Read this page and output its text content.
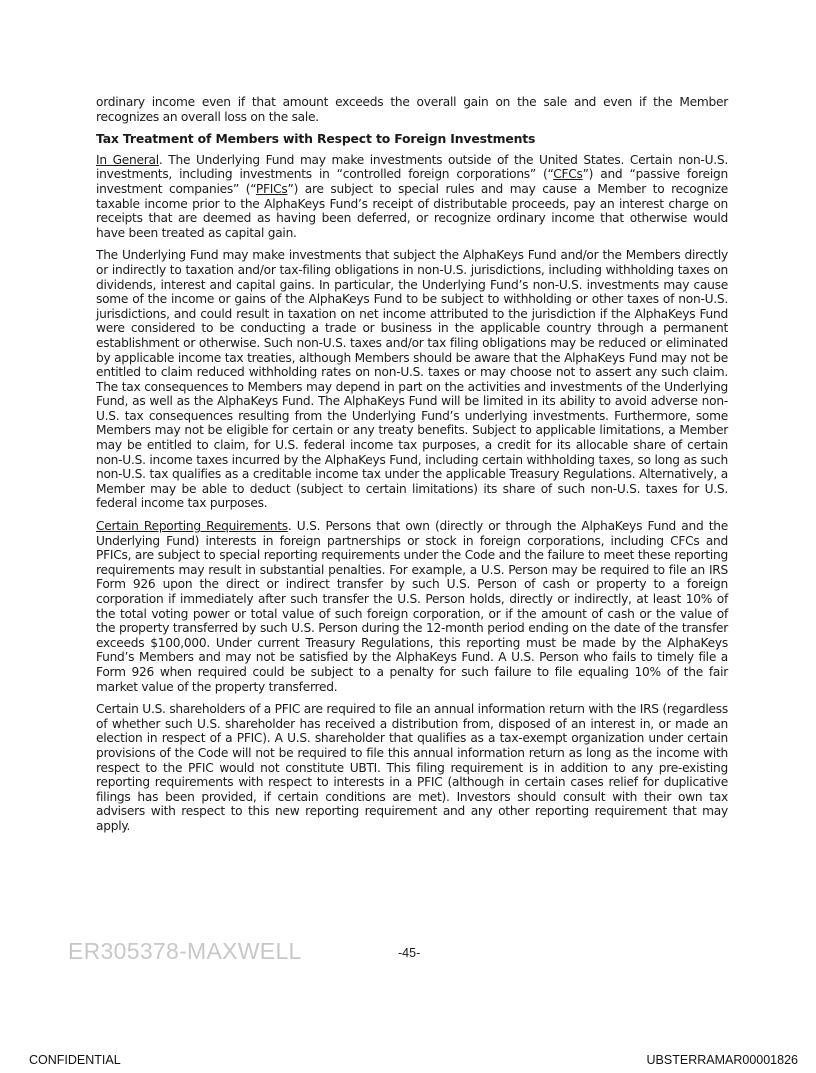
ordinary income even if that amount exceeds the overall gain on the sale and even if the Member recognizes an overall loss on the sale.

Tax Treatment of Members with Respect to Foreign Investments

In General. The Underlying Fund may make investments outside of the United States. Certain non-U.S. investments, including investments in “controlled foreign corporations” (“CFCs”) and “passive foreign investment companies” (“PFICs”) are subject to special rules and may cause a Member to recognize taxable income prior to the AlphaKeys Fund’s receipt of distributable proceeds, pay an interest charge on receipts that are deemed as having been deferred, or recognize ordinary income that otherwise would have been treated as capital gain.

The Underlying Fund may make investments that subject the AlphaKeys Fund and/or the Members directly or indirectly to taxation and/or tax-filing obligations in non-U.S. jurisdictions, including withholding taxes on dividends, interest and capital gains. In particular, the Underlying Fund’s non-U.S. investments may cause some of the income or gains of the AlphaKeys Fund to be subject to withholding or other taxes of non-U.S. jurisdictions, and could result in taxation on net income attributed to the jurisdiction if the AlphaKeys Fund were considered to be conducting a trade or business in the applicable country through a permanent establishment or otherwise. Such non-U.S. taxes and/or tax filing obligations may be reduced or eliminated by applicable income tax treaties, although Members should be aware that the AlphaKeys Fund may not be entitled to claim reduced withholding rates on non-U.S. taxes or may choose not to assert any such claim. The tax consequences to Members may depend in part on the activities and investments of the Underlying Fund, as well as the AlphaKeys Fund. The AlphaKeys Fund will be limited in its ability to avoid adverse non-U.S. tax consequences resulting from the Underlying Fund’s underlying investments. Furthermore, some Members may not be eligible for certain or any treaty benefits. Subject to applicable limitations, a Member may be entitled to claim, for U.S. federal income tax purposes, a credit for its allocable share of certain non-U.S. income taxes incurred by the AlphaKeys Fund, including certain withholding taxes, so long as such non-U.S. tax qualifies as a creditable income tax under the applicable Treasury Regulations. Alternatively, a Member may be able to deduct (subject to certain limitations) its share of such non-U.S. taxes for U.S. federal income tax purposes.

Certain Reporting Requirements. U.S. Persons that own (directly or through the AlphaKeys Fund and the Underlying Fund) interests in foreign partnerships or stock in foreign corporations, including CFCs and PFICs, are subject to special reporting requirements under the Code and the failure to meet these reporting requirements may result in substantial penalties. For example, a U.S. Person may be required to file an IRS Form 926 upon the direct or indirect transfer by such U.S. Person of cash or property to a foreign corporation if immediately after such transfer the U.S. Person holds, directly or indirectly, at least 10% of the total voting power or total value of such foreign corporation, or if the amount of cash or the value of the property transferred by such U.S. Person during the 12-month period ending on the date of the transfer exceeds $100,000. Under current Treasury Regulations, this reporting must be made by the AlphaKeys Fund’s Members and may not be satisfied by the AlphaKeys Fund. A U.S. Person who fails to timely file a Form 926 when required could be subject to a penalty for such failure to file equaling 10% of the fair market value of the property transferred.

Certain U.S. shareholders of a PFIC are required to file an annual information return with the IRS (regardless of whether such U.S. shareholder has received a distribution from, disposed of an interest in, or made an election in respect of a PFIC). A U.S. shareholder that qualifies as a tax-exempt organization under certain provisions of the Code will not be required to file this annual information return as long as the income with respect to the PFIC would not constitute UBTI. This filing requirement is in addition to any pre-existing reporting requirements with respect to interests in a PFIC (although in certain cases relief for duplicative filings has been provided, if certain conditions are met). Investors should consult with their own tax advisers with respect to this new reporting requirement and any other reporting requirement that may apply.

ER305378-MAXWELL	-45-
CONFIDENTIAL	UBSTERRAMAR00001826
